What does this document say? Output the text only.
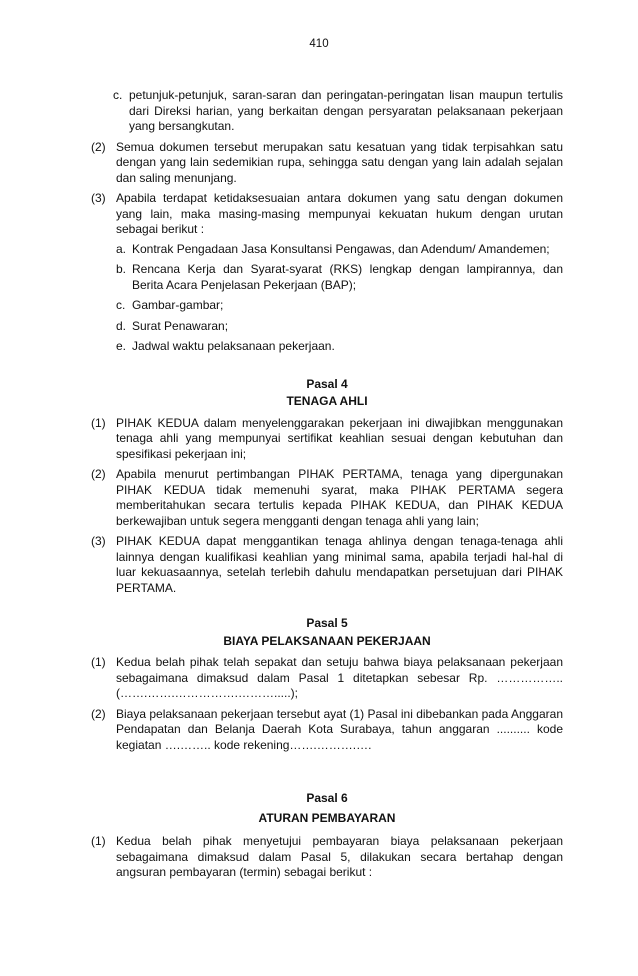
410
c. petunjuk-petunjuk, saran-saran dan peringatan-peringatan lisan maupun tertulis dari Direksi harian, yang berkaitan dengan persyaratan pelaksanaan pekerjaan yang bersangkutan.
(2) Semua dokumen tersebut merupakan satu kesatuan yang tidak terpisahkan satu dengan yang lain sedemikian rupa, sehingga satu dengan yang lain adalah sejalan dan saling menunjang.
(3) Apabila terdapat ketidaksesuaian antara dokumen yang satu dengan dokumen yang lain, maka masing-masing mempunyai kekuatan hukum dengan urutan sebagai berikut :
a. Kontrak Pengadaan Jasa Konsultansi Pengawas, dan Adendum/ Amandemen;
b. Rencana Kerja dan Syarat-syarat (RKS) lengkap dengan lampirannya, dan Berita Acara Penjelasan Pekerjaan (BAP);
c. Gambar-gambar;
d. Surat Penawaran;
e. Jadwal waktu pelaksanaan pekerjaan.
Pasal 4
TENAGA AHLI
(1) PIHAK KEDUA dalam menyelenggarakan pekerjaan ini diwajibkan menggunakan tenaga ahli yang mempunyai sertifikat keahlian sesuai dengan kebutuhan dan spesifikasi pekerjaan ini;
(2) Apabila menurut pertimbangan PIHAK PERTAMA, tenaga yang dipergunakan PIHAK KEDUA tidak memenuhi syarat, maka PIHAK PERTAMA segera memberitahukan secara tertulis kepada PIHAK KEDUA, dan PIHAK KEDUA berkewajiban untuk segera mengganti dengan tenaga ahli yang lain;
(3) PIHAK KEDUA dapat menggantikan tenaga ahlinya dengan tenaga-tenaga ahli lainnya dengan kualifikasi keahlian yang minimal sama, apabila terjadi hal-hal di luar kekuasaannya, setelah terlebih dahulu mendapatkan persetujuan dari PIHAK PERTAMA.
Pasal 5
BIAYA PELAKSANAAN PEKERJAAN
(1) Kedua belah pihak telah sepakat dan setuju bahwa biaya pelaksanaan pekerjaan sebagaimana dimaksud dalam Pasal 1 ditetapkan sebesar Rp. …………….. (…….…….…………….……….....);
(2) Biaya pelaksanaan pekerjaan tersebut ayat (1) Pasal ini dibebankan pada Anggaran Pendapatan dan Belanja Daerah Kota Surabaya, tahun anggaran .......... kode kegiatan ….…….. kode rekening…….……….….
Pasal 6
ATURAN PEMBAYARAN
(1) Kedua belah pihak menyetujui pembayaran biaya pelaksanaan pekerjaan sebagaimana dimaksud dalam Pasal 5, dilakukan secara bertahap dengan angsuran pembayaran (termin) sebagai berikut :
